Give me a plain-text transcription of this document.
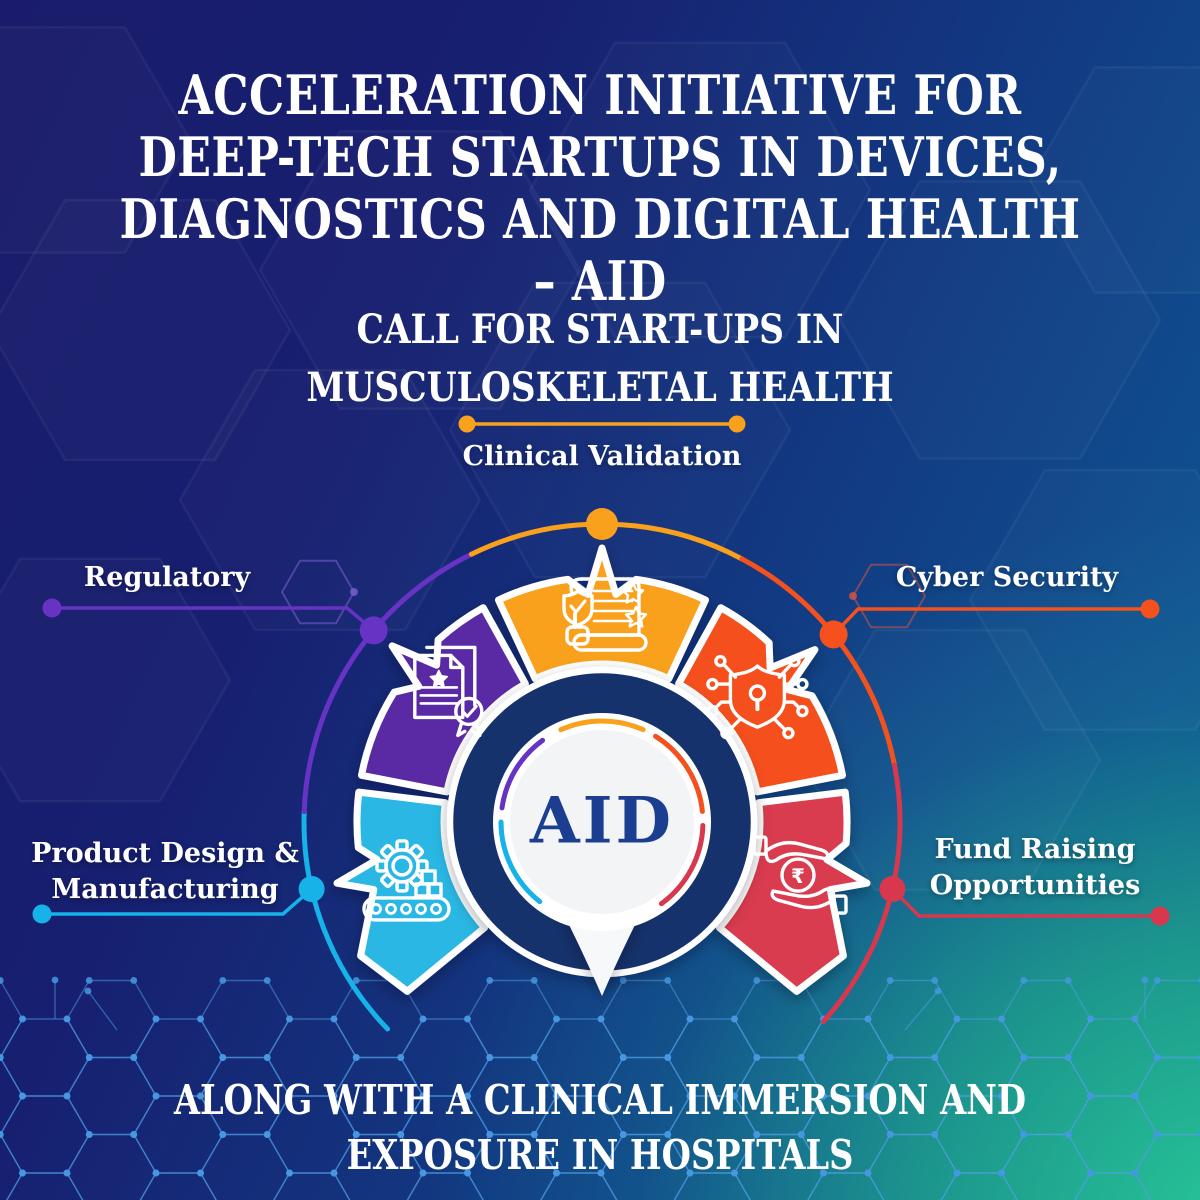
₹
ACCELERATION INITIATIVE FOR
DEEP-TECH STARTUPS IN DEVICES,
DIAGNOSTICS AND DIGITAL HEALTH – AID
CALL FOR START-UPS IN
MUSCULOSKELETAL HEALTH
Clinical Validation
Regulatory	Cyber Security
Product Design &
Manufacturing
Fund Raising
Opportunities
AID
ALONG WITH A CLINICAL IMMERSION AND
EXPOSURE IN HOSPITALS
